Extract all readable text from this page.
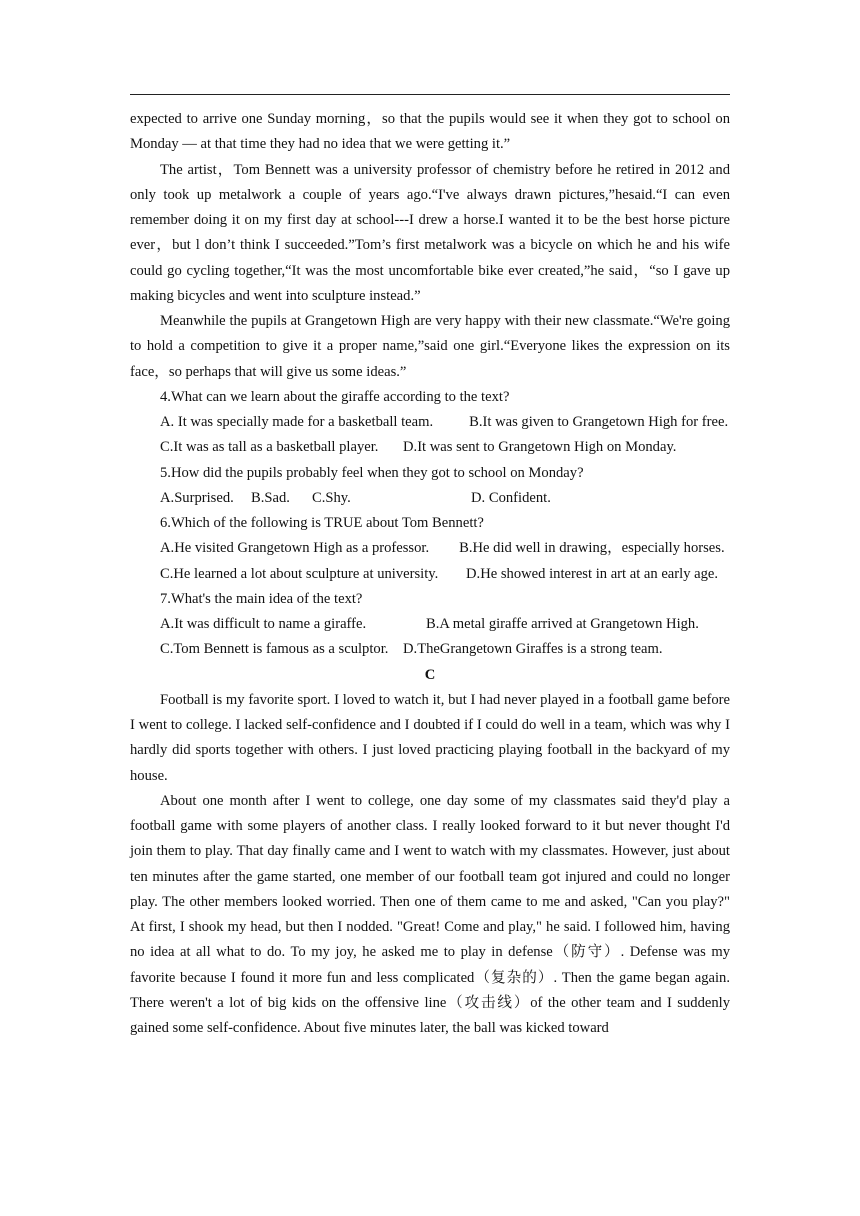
expected to arrive one Sunday morning，so that the pupils would see it when they got to school on Monday — at that time they had no idea that we were getting it.”

The artist，Tom Bennett was a university professor of chemistry before he retired in 2012 and only took up metalwork a couple of years ago.“I've always drawn pictures,”hesaid.“I can even remember doing it on my first day at school---I drew a horse.I wanted it to be the best horse picture ever，but l don’t think I succeeded.”Tom’s first metalwork was a bicycle on which he and his wife could go cycling together,“It was the most uncomfortable bike ever created,”he said，“so I gave up making bicycles and went into sculpture instead.”

Meanwhile the pupils at Grangetown High are very happy with their new classmate.“We're going to hold a competition to give it a proper name,”said one girl.“Everyone likes the expression on its face，so perhaps that will give us some ideas.”

4.What can we learn about the giraffe according to the text?

A. It was specially made for a basketball team. B.It was given to Grangetown High for free.

C.It was as tall as a basketball player.	D.It was sent to Grangetown High on Monday.

5.How did the pupils probably feel when they got to school on Monday?

A.Surprised.	B.Sad.	C.Shy.	D. Confident.

6.Which of the following is TRUE about Tom Bennett?

A.He visited Grangetown High as a professor. B.He did well in drawing，especially horses.

C.He learned a lot about sculpture at university.	D.He showed interest in art at an early age.

7.What's the main idea of the text?

A.It was difficult to name a giraffe.	B.A metal giraffe arrived at Grangetown High.

C.Tom Bennett is famous as a sculptor. D.TheGrangetown Giraffes is a strong team.

C

Football is my favorite sport. I loved to watch it, but I had never played in a football game before I went to college. I lacked self-confidence and I doubted if I could do well in a team, which was why I hardly did sports together with others. I just loved practicing playing football in the backyard of my house.

About one month after I went to college, one day some of my classmates said they'd play a football game with some players of another class. I really looked forward to it but never thought I'd join them to play. That day finally came and I went to watch with my classmates. However, just about ten minutes after the game started, one member of our football team got injured and could no longer play. The other members looked worried. Then one of them came to me and asked, "Can you play?" At first, I shook my head, but then I nodded. "Great! Come and play," he said. I followed him, having no idea at all what to do. To my joy, he asked me to play in defense（防守）. Defense was my favorite because I found it more fun and less complicated（复杂的）. Then the game began again. There weren't a lot of big kids on the offensive line（攻击线）of the other team and I suddenly gained some self-confidence. About five minutes later, the ball was kicked toward
